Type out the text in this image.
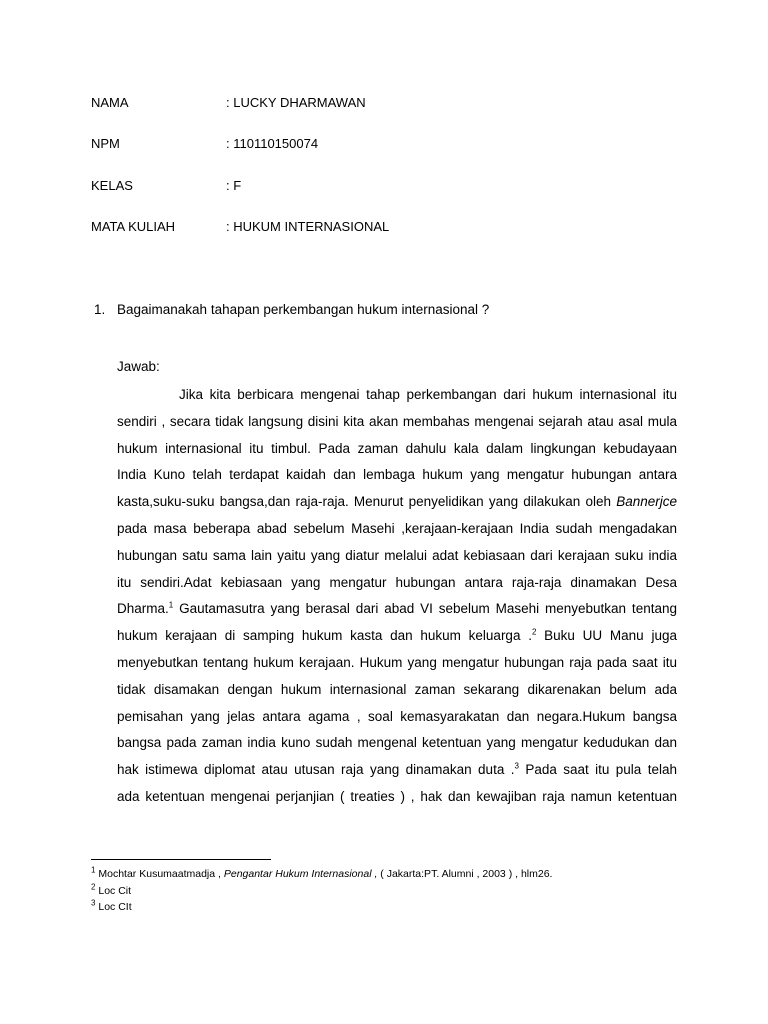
NAMA	: LUCKY DHARMAWAN
NPM	: 110110150074
KELAS	: F
MATA KULIAH	: HUKUM INTERNASIONAL
1. Bagaimanakah tahapan perkembangan hukum internasional ?
Jawab:
Jika kita berbicara mengenai tahap perkembangan dari hukum internasional itu
sendiri , secara tidak langsung disini kita akan membahas mengenai sejarah atau asal mula
hukum internasional itu timbul. Pada zaman dahulu kala dalam lingkungan kebudayaan
India Kuno telah terdapat kaidah dan lembaga hukum yang mengatur hubungan antara
kasta,suku-suku bangsa,dan raja-raja. Menurut penyelidikan yang dilakukan oleh Bannerjce
pada masa beberapa abad sebelum Masehi ,kerajaan-kerajaan India sudah mengadakan
hubungan satu sama lain yaitu yang diatur melalui adat kebiasaan dari kerajaan suku india
itu sendiri.Adat kebiasaan yang mengatur hubungan antara raja-raja dinamakan Desa
Dharma.$^1$ Gautamasutra yang berasal dari abad VI sebelum Masehi menyebutkan tentang
hukum kerajaan di samping hukum kasta dan hukum keluarga .$^2$ Buku UU Manu juga
menyebutkan tentang hukum kerajaan. Hukum yang mengatur hubungan raja pada saat itu
tidak disamakan dengan hukum internasional zaman sekarang dikarenakan belum ada
pemisahan yang jelas antara agama , soal kemasyarakatan dan negara.Hukum bangsa
bangsa pada zaman india kuno sudah mengenal ketentuan yang mengatur kedudukan dan
hak istimewa diplomat atau utusan raja yang dinamakan duta .$^3$ Pada saat itu pula telah
ada ketentuan mengenai perjanjian ( treaties ) , hak dan kewajiban raja namun ketentuan
$^1$ Mochtar Kusumaatmadja , Pengantar Hukum Internasional , ( Jakarta:PT. Alumni , 2003 ) , hlm26.
$^2$ Loc Cit
$^3$ Loc CIt
